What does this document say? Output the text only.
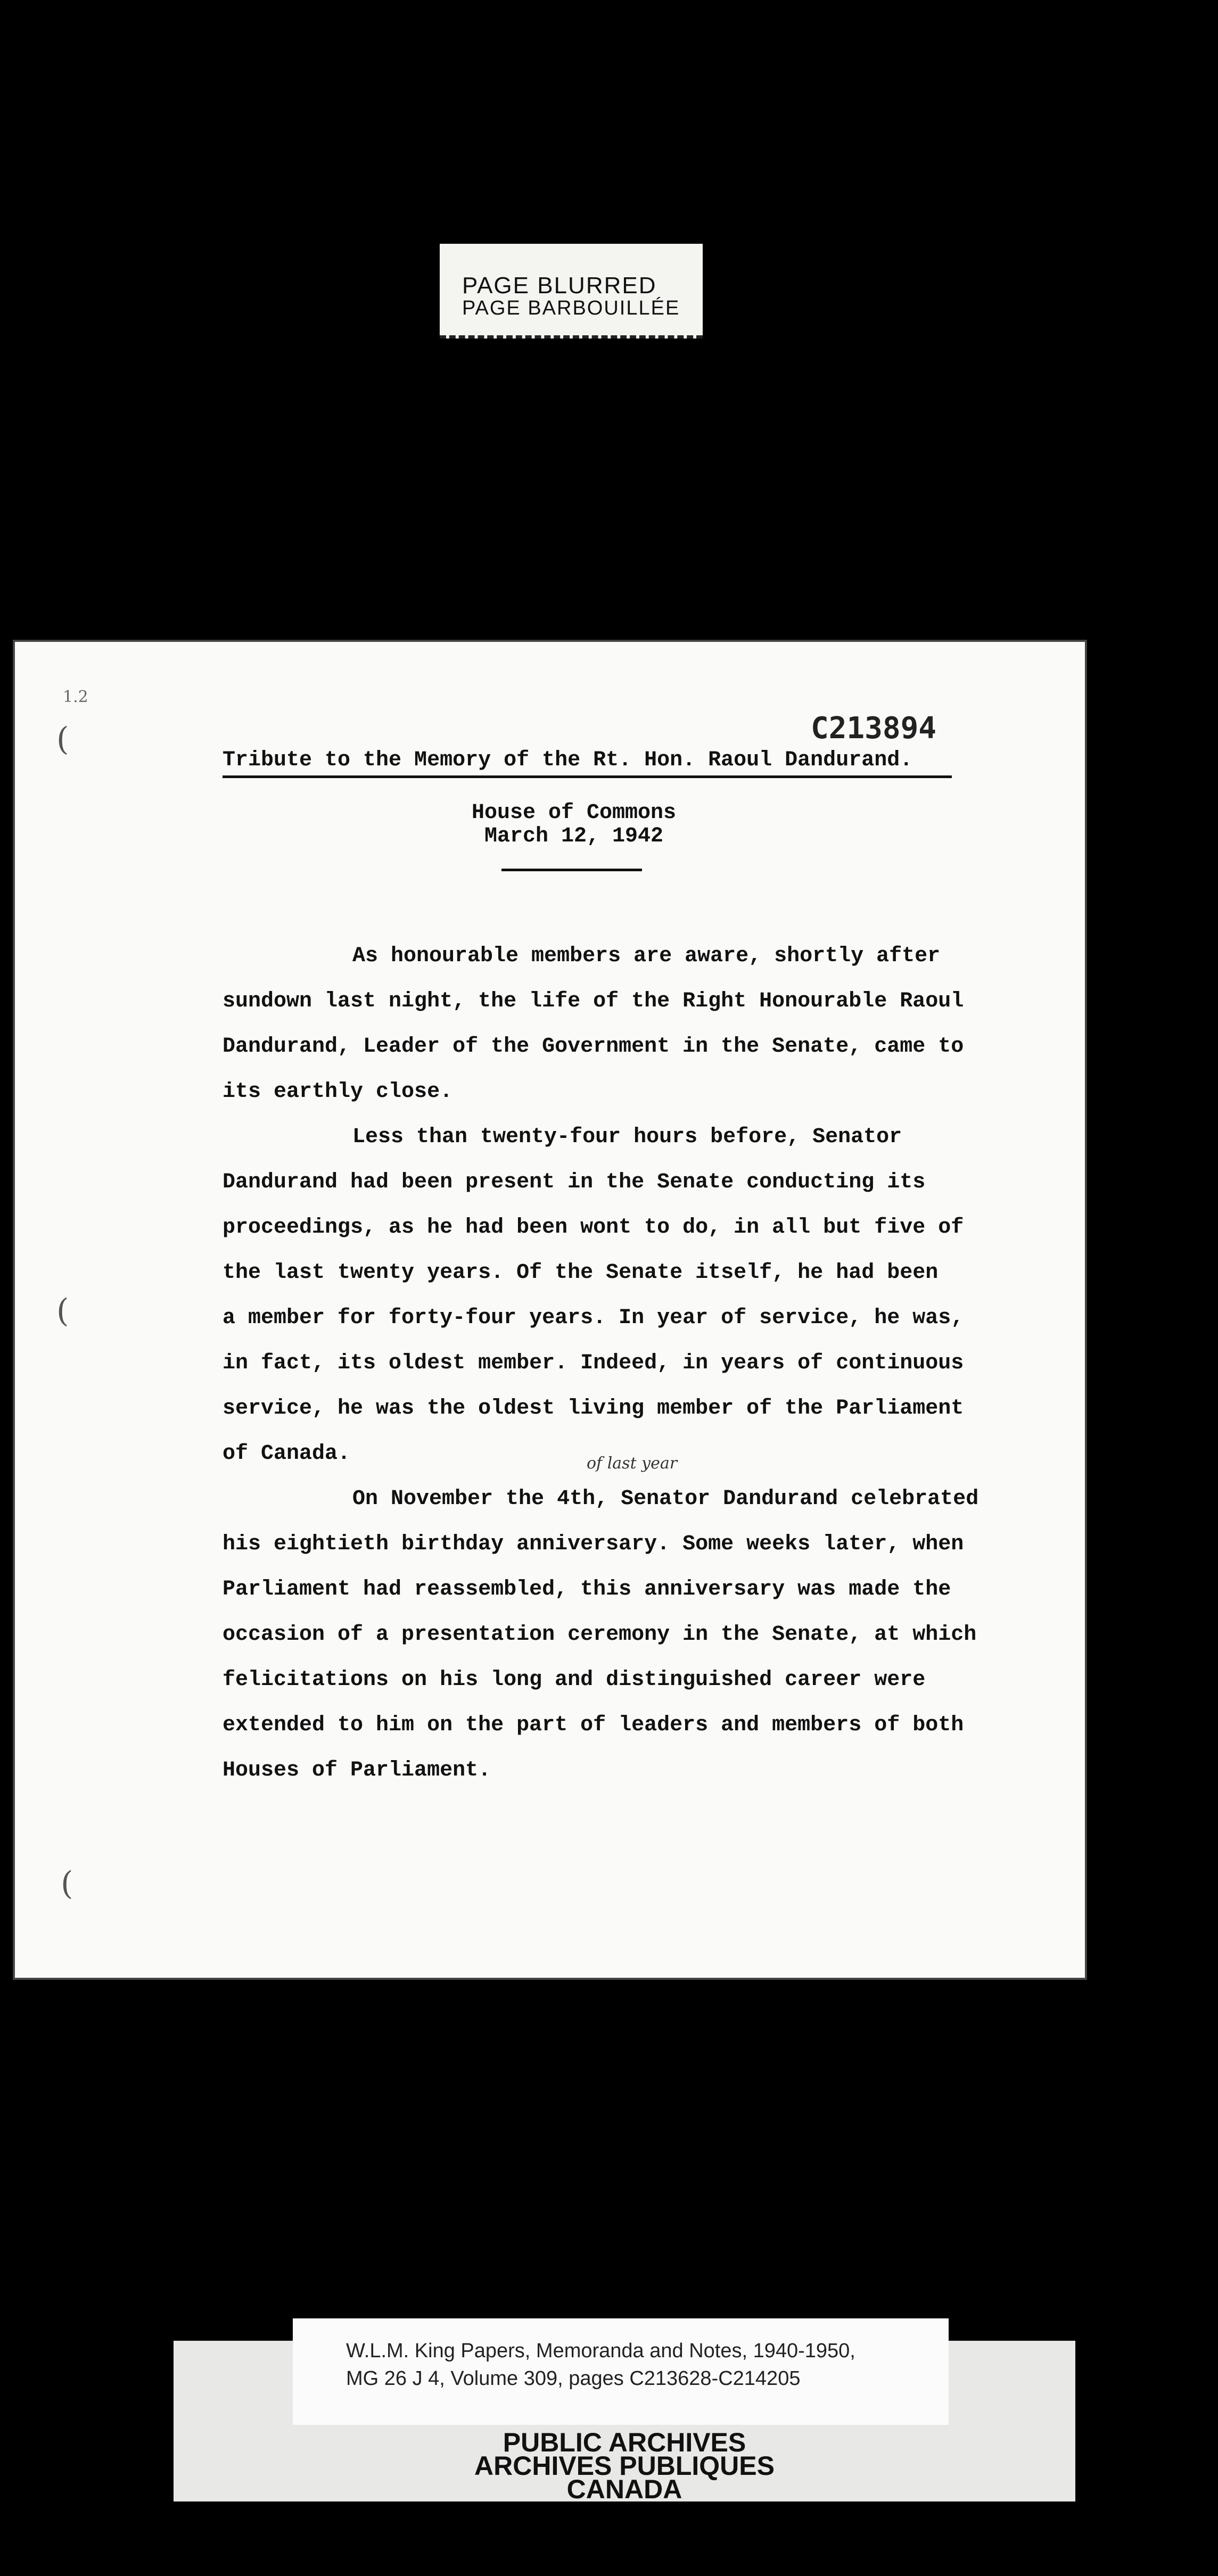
PAGE BLURRED
PAGE BARBOUILLÉE
1.2
(
(
(
C213894
Tribute to the Memory of the Rt. Hon. Raoul Dandurand.
House of Commons
March 12, 1942
of last year

As honourable members are aware, shortly after

sundown last night, the life of the Right Honourable Raoul

Dandurand, Leader of the Government in the Senate, came to

its earthly close.

Less than twenty-four hours before, Senator

Dandurand had been present in the Senate conducting its

proceedings, as he had been wont to do, in all but five of

the last twenty years. Of the Senate itself, he had been

a member for forty-four years. In year of service, he was,

in fact, its oldest member. Indeed, in years of continuous

service, he was the oldest living member of the Parliament

of Canada.

On November the 4th, Senator Dandurand celebrated

his eightieth birthday anniversary. Some weeks later, when

Parliament had reassembled, this anniversary was made the

occasion of a presentation ceremony in the Senate, at which

felicitations on his long and distinguished career were

extended to him on the part of leaders and members of both

Houses of Parliament.

W.L.M. King Papers, Memoranda and Notes, 1940-1950,
MG 26 J 4, Volume 309, pages C213628-C214205
PUBLIC ARCHIVES
ARCHIVES PUBLIQUES
CANADA
